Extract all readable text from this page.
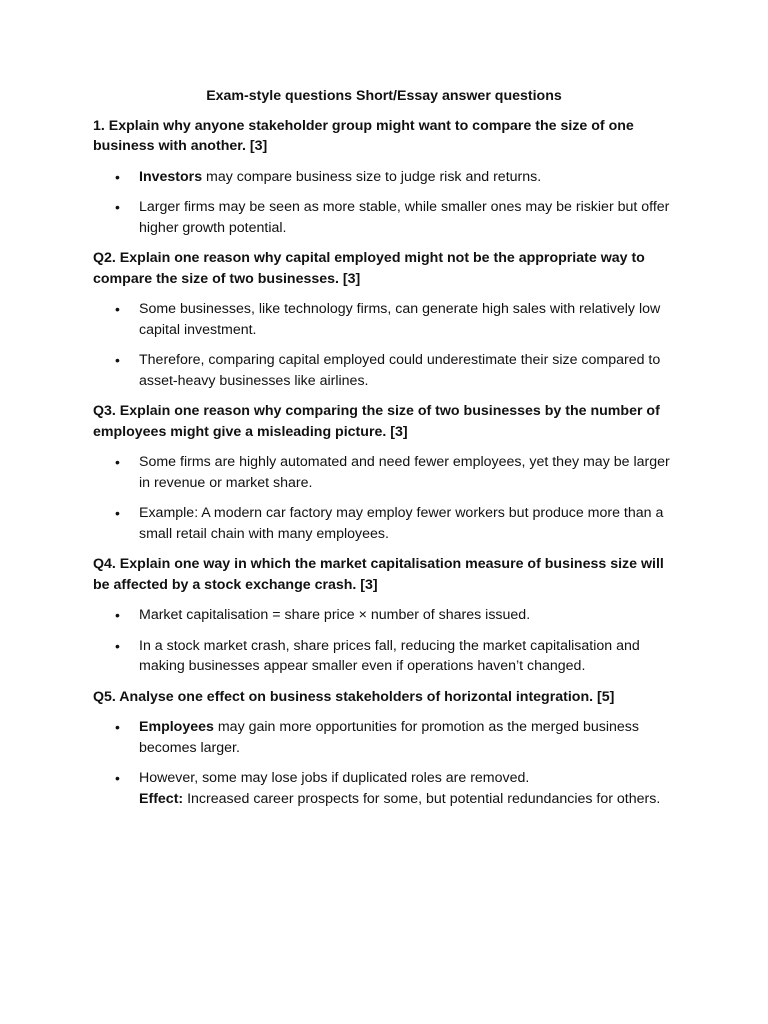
Exam-style questions Short/Essay answer questions
1. Explain why anyone stakeholder group might want to compare the size of one business with another. [3]
• Investors may compare business size to judge risk and returns.
• Larger firms may be seen as more stable, while smaller ones may be riskier but offer higher growth potential.
Q2. Explain one reason why capital employed might not be the appropriate way to compare the size of two businesses. [3]
• Some businesses, like technology firms, can generate high sales with relatively low capital investment.
• Therefore, comparing capital employed could underestimate their size compared to asset-heavy businesses like airlines.
Q3. Explain one reason why comparing the size of two businesses by the number of employees might give a misleading picture. [3]
• Some firms are highly automated and need fewer employees, yet they may be larger in revenue or market share.
• Example: A modern car factory may employ fewer workers but produce more than a small retail chain with many employees.
Q4. Explain one way in which the market capitalisation measure of business size will be affected by a stock exchange crash. [3]
• Market capitalisation = share price × number of shares issued.
• In a stock market crash, share prices fall, reducing the market capitalisation and making businesses appear smaller even if operations haven’t changed.
Q5. Analyse one effect on business stakeholders of horizontal integration. [5]
• Employees may gain more opportunities for promotion as the merged business becomes larger.
• However, some may lose jobs if duplicated roles are removed.
Effect: Increased career prospects for some, but potential redundancies for others.
